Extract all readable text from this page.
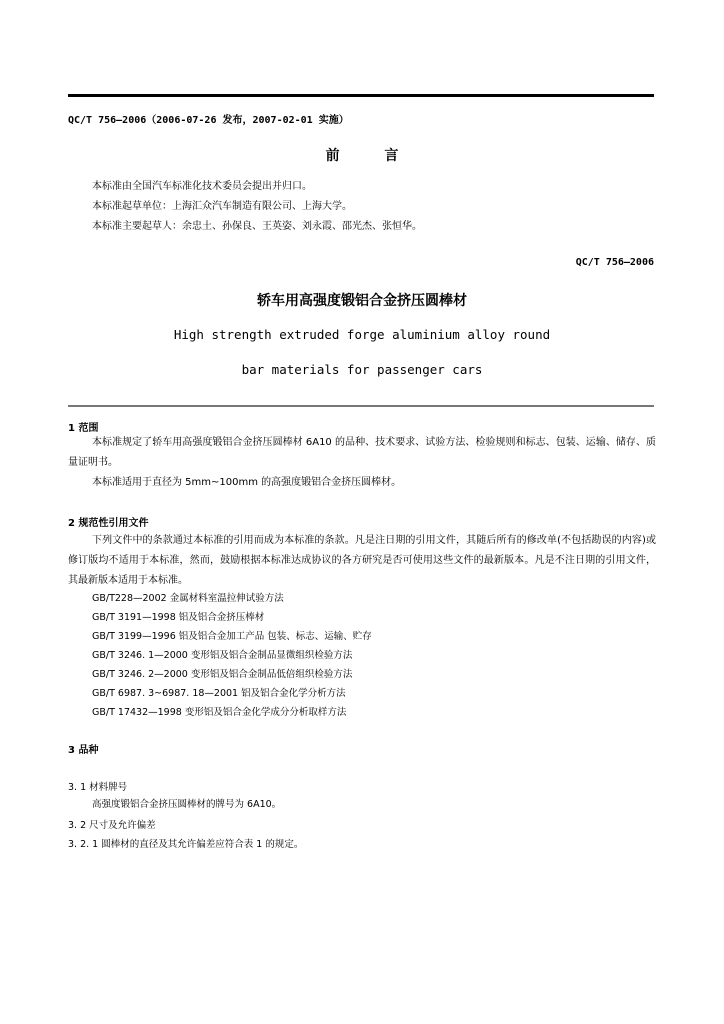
QC/T 756—2006（2006-07-26 发布，2007-02-01 实施）
前 言
本标准由全国汽车标准化技术委员会提出并归口。
本标准起草单位：上海汇众汽车制造有限公司、上海大学。
本标准主要起草人：余忠土、孙保良、王英姿、刘永霞、邵光杰、张恒华。
QC/T 756—2006
轿车用高强度锻铝合金挤压圆棒材
High strength extruded forge aluminium alloy round
bar materials for passenger cars
1 范围
本标准规定了轿车用高强度锻铝合金挤压圆棒材 6A10 的品种、技术要求、试验方法、检验规则和标志、包装、运输、储存、质量证明书。
本标准适用于直径为 5mm~100mm 的高强度锻铝合金挤压圆棒材。
2 规范性引用文件
下列文件中的条款通过本标准的引用而成为本标准的条款。凡是注日期的引用文件，其随后所有的修改单(不包括勘误的内容)或修订版均不适用于本标准，然而，鼓励根据本标准达成协议的各方研究是否可使用这些文件的最新版本。凡是不注日期的引用文件，其最新版本适用于本标准。
GB/T228—2002 金属材料室温拉伸试验方法
GB/T 3191—1998 铝及铝合金挤压棒材
GB/T 3199—1996 铝及铝合金加工产品 包装、标志、运输、贮存
GB/T 3246. 1—2000 变形铝及铝合金制品显微组织检验方法
GB/T 3246. 2—2000 变形铝及铝合金制品低倍组织检验方法
GB/T 6987. 3~6987. 18—2001 铝及铝合金化学分析方法
GB/T 17432—1998 变形铝及铝合金化学成分分析取样方法
3 品种
3. 1 材料牌号
高强度锻铝合金挤压圆棒材的牌号为 6A10。
3. 2 尺寸及允许偏差
3. 2. 1 圆棒材的直径及其允许偏差应符合表 1 的规定。
